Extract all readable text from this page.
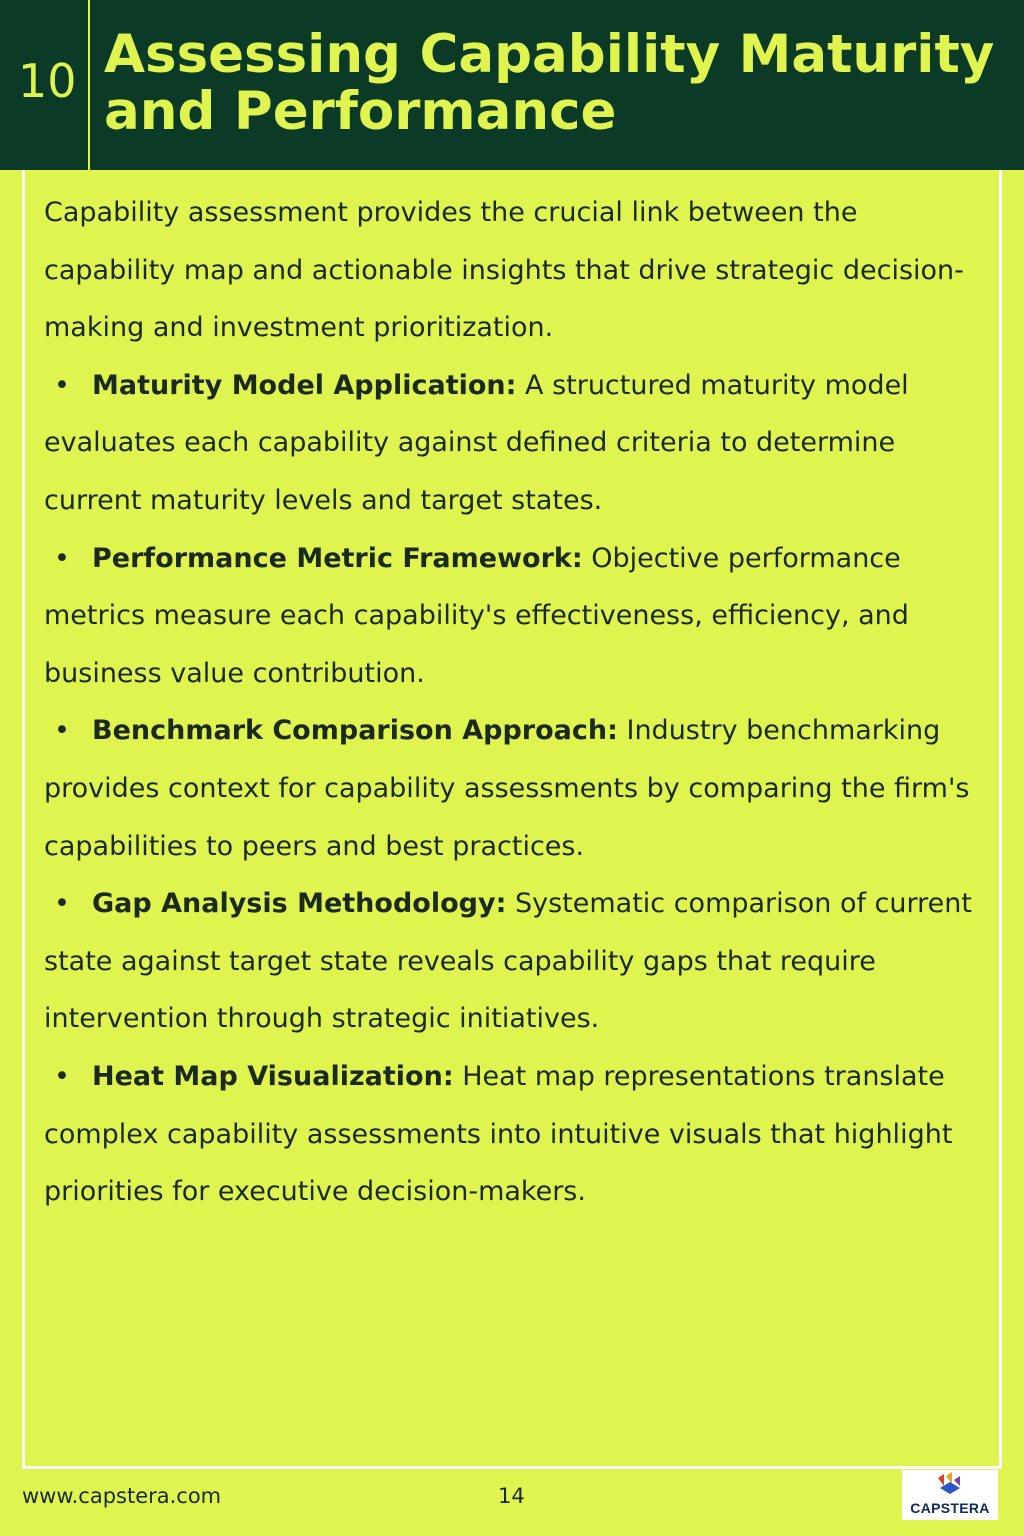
10 Assessing Capability Maturity and Performance

Capability assessment provides the crucial link between the capability map and actionable insights that drive strategic decision-making and investment prioritization.

• Maturity Model Application: A structured maturity model evaluates each capability against defined criteria to determine current maturity levels and target states.

• Performance Metric Framework: Objective performance metrics measure each capability's effectiveness, efficiency, and business value contribution.

• Benchmark Comparison Approach: Industry benchmarking provides context for capability assessments by comparing the firm's capabilities to peers and best practices.

• Gap Analysis Methodology: Systematic comparison of current state against target state reveals capability gaps that require intervention through strategic initiatives.

• Heat Map Visualization: Heat map representations translate complex capability assessments into intuitive visuals that highlight priorities for executive decision-makers.

www.capstera.com	14	CAPSTERA
